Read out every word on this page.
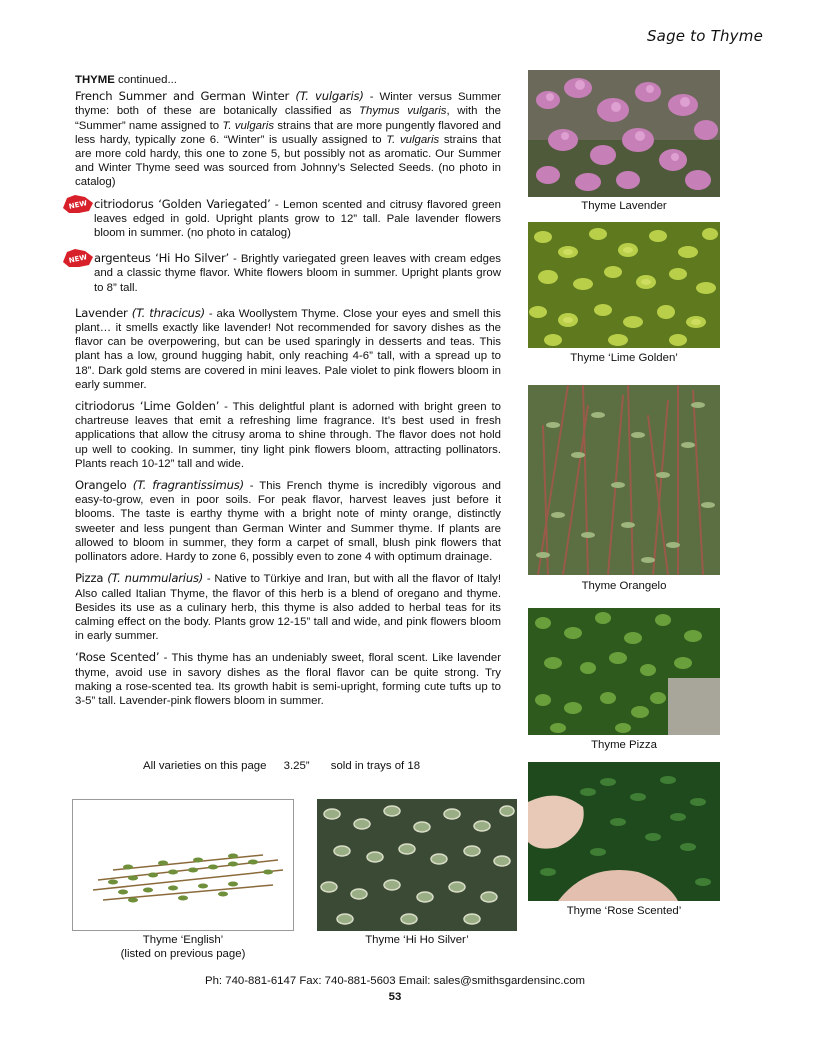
Sage to Thyme

THYME continued...

French Summer and German Winter (T. vulgaris) - Winter versus Summer thyme: both of these are botanically classified as Thymus vulgaris, with the “Summer” name assigned to T. vulgaris strains that are more pungently flavored and less hardy, typically zone 6. “Winter” is usually assigned to T. vulgaris strains that are more cold hardy, this one to zone 5, but possibly not as aromatic. Our Summer and Winter Thyme seed was sourced from Johnny’s Selected Seeds. (no photo in catalog)

NEW citriodorus ‘Golden Variegated’ - Lemon scented and citrusy flavored green leaves edged in gold. Upright plants grow to 12” tall. Pale lavender flowers bloom in summer. (no photo in catalog)

NEW argenteus ‘Hi Ho Silver’ - Brightly variegated green leaves with cream edges and a classic thyme flavor. White flowers bloom in summer. Upright plants grow to 8” tall.

Lavender (T. thracicus) - aka Woollystem Thyme. Close your eyes and smell this plant… it smells exactly like lavender! Not recommended for savory dishes as the flavor can be overpowering, but can be used sparingly in desserts and teas. This plant has a low, ground hugging habit, only reaching 4-6” tall, with a spread up to 18”. Dark gold stems are covered in mini leaves. Pale violet to pink flowers bloom in early summer.

citriodorus ‘Lime Golden’ - This delightful plant is adorned with bright green to chartreuse leaves that emit a refreshing lime fragrance. It’s best used in fresh applications that allow the citrusy aroma to shine through. The flavor does not hold up well to cooking. In summer, tiny light pink flowers bloom, attracting pollinators. Plants reach 10-12” tall and wide.

Orangelo (T. fragrantissimus) - This French thyme is incredibly vigorous and easy-to-grow, even in poor soils. For peak flavor, harvest leaves just before it blooms. The taste is earthy thyme with a bright note of minty orange, distinctly sweeter and less pungent than German Winter and Summer thyme. If plants are allowed to bloom in summer, they form a carpet of small, blush pink flowers that pollinators adore. Hardy to zone 6, possibly even to zone 4 with optimum drainage.

Pizza (T. nummularius) - Native to Türkiye and Iran, but with all the flavor of Italy! Also called Italian Thyme, the flavor of this herb is a blend of oregano and thyme. Besides its use as a culinary herb, this thyme is also added to herbal teas for its calming effect on the body. Plants grow 12-15” tall and wide, and pink flowers bloom in early summer.

‘Rose Scented’ - This thyme has an undeniably sweet, floral scent. Like lavender thyme, avoid use in savory dishes as the floral flavor can be quite strong. Try making a rose-scented tea. Its growth habit is semi-upright, forming cute tufts up to 3-5” tall. Lavender-pink flowers bloom in summer.

All varieties on this page 3.25” sold in trays of 18
Thyme Lavender
Thyme ‘Lime Golden’
Thyme Orangelo
Thyme Pizza
Thyme ‘Rose Scented’
Thyme ‘English’
(listed on previous page)
Thyme ‘Hi Ho Silver’
Ph: 740-881-6147 Fax: 740-881-5603 Email: sales@smithsgardensinc.com
53
